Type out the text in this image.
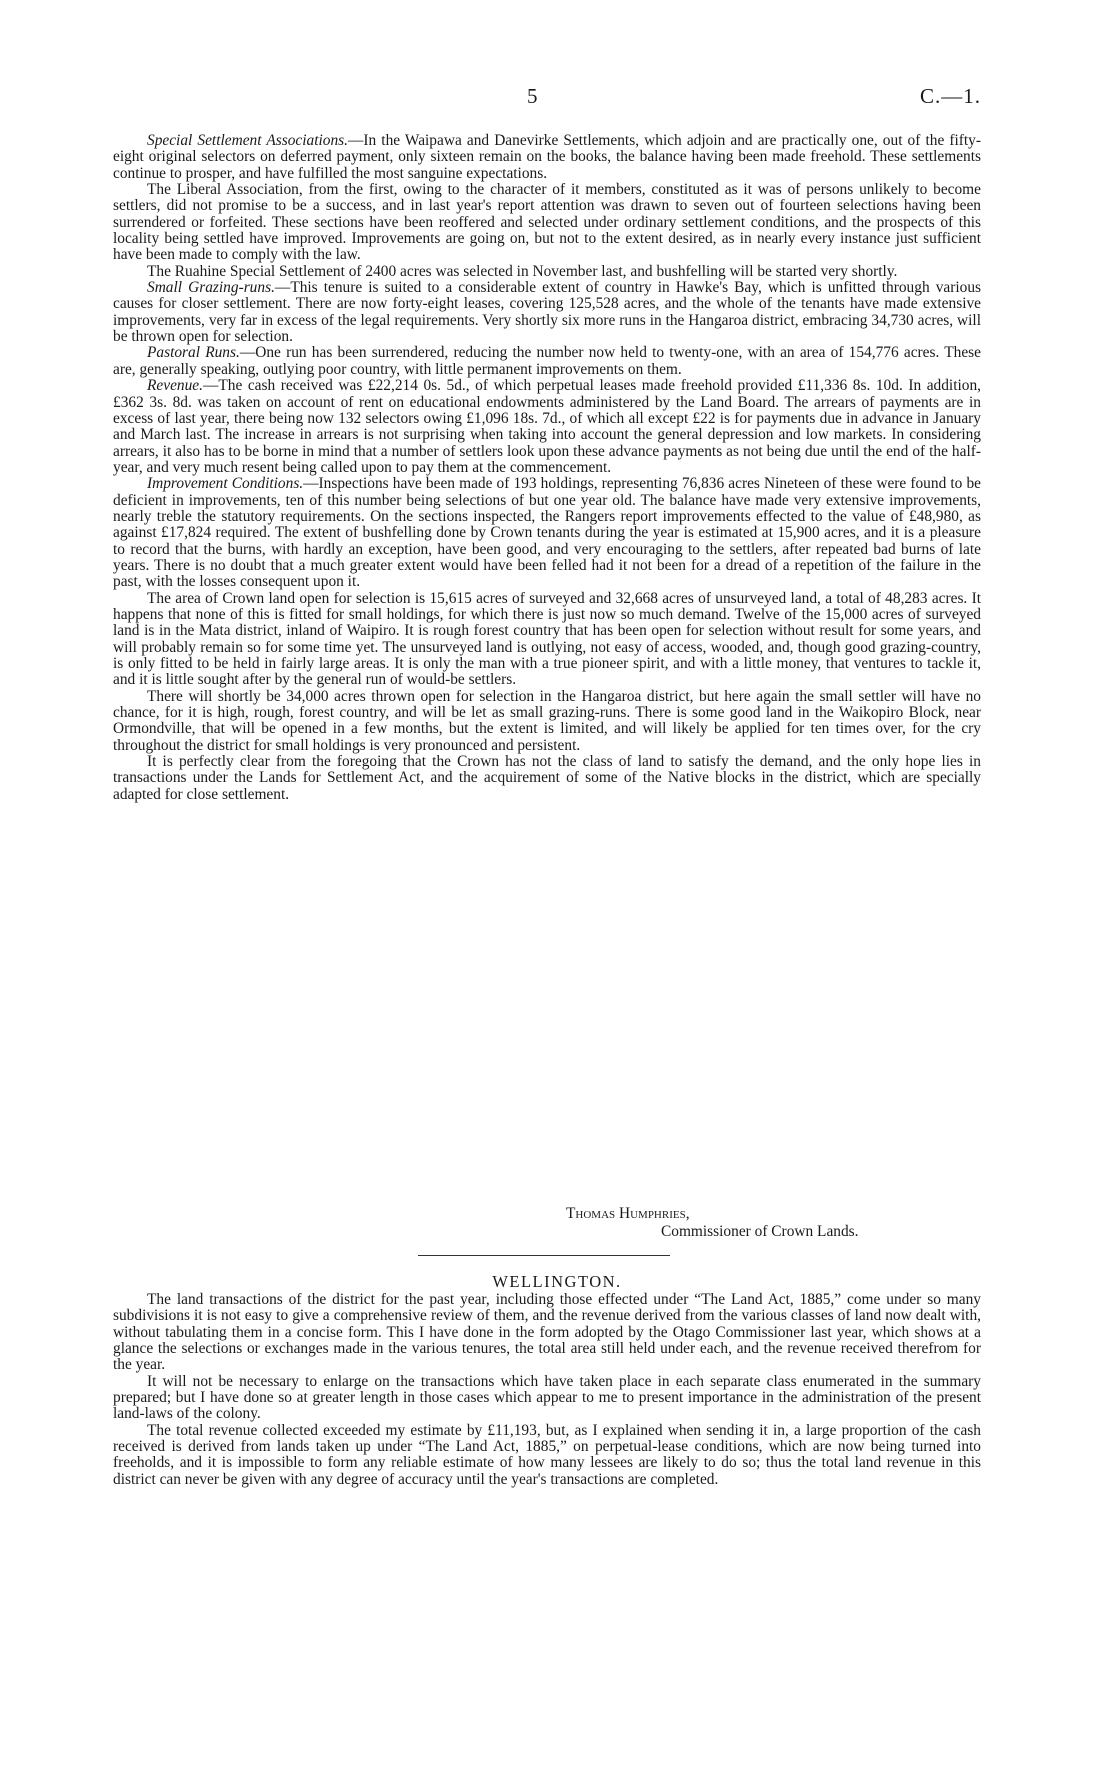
5	C.—1.

Special Settlement Associations.—In the Waipawa and Danevirke Settlements, which adjoin and are practically one, out of the fifty-eight original selectors on deferred payment, only sixteen remain on the books, the balance having been made freehold. These settlements continue to prosper, and have fulfilled the most sanguine expectations.

The Liberal Association, from the first, owing to the character of it members, constituted as it was of persons unlikely to become settlers, did not promise to be a success, and in last year's report attention was drawn to seven out of fourteen selections having been surrendered or forfeited. These sections have been reoffered and selected under ordinary settlement conditions, and the prospects of this locality being settled have improved. Improvements are going on, but not to the extent desired, as in nearly every instance just sufficient have been made to comply with the law.

The Ruahine Special Settlement of 2400 acres was selected in November last, and bushfelling will be started very shortly.

Small Grazing-runs.—This tenure is suited to a considerable extent of country in Hawke's Bay, which is unfitted through various causes for closer settlement. There are now forty-eight leases, covering 125,528 acres, and the whole of the tenants have made extensive improvements, very far in excess of the legal requirements. Very shortly six more runs in the Hangaroa district, embracing 34,730 acres, will be thrown open for selection.

Pastoral Runs.—One run has been surrendered, reducing the number now held to twenty-one, with an area of 154,776 acres. These are, generally speaking, outlying poor country, with little permanent improvements on them.

Revenue.—The cash received was £22,214 0s. 5d., of which perpetual leases made freehold provided £11,336 8s. 10d. In addition, £362 3s. 8d. was taken on account of rent on educational endowments administered by the Land Board. The arrears of payments are in excess of last year, there being now 132 selectors owing £1,096 18s. 7d., of which all except £22 is for payments due in advance in January and March last. The increase in arrears is not surprising when taking into account the general depression and low markets. In considering arrears, it also has to be borne in mind that a number of settlers look upon these advance payments as not being due until the end of the half-year, and very much resent being called upon to pay them at the commencement.

Improvement Conditions.—Inspections have been made of 193 holdings, representing 76,836 acres Nineteen of these were found to be deficient in improvements, ten of this number being selections of but one year old. The balance have made very extensive improvements, nearly treble the statutory requirements. On the sections inspected, the Rangers report improvements effected to the value of £48,980, as against £17,824 required. The extent of bushfelling done by Crown tenants during the year is estimated at 15,900 acres, and it is a pleasure to record that the burns, with hardly an exception, have been good, and very encouraging to the settlers, after repeated bad burns of late years. There is no doubt that a much greater extent would have been felled had it not been for a dread of a repetition of the failure in the past, with the losses consequent upon it.

The area of Crown land open for selection is 15,615 acres of surveyed and 32,668 acres of unsurveyed land, a total of 48,283 acres. It happens that none of this is fitted for small holdings, for which there is just now so much demand. Twelve of the 15,000 acres of surveyed land is in the Mata district, inland of Waipiro. It is rough forest country that has been open for selection without result for some years, and will probably remain so for some time yet. The unsurveyed land is outlying, not easy of access, wooded, and, though good grazing-country, is only fitted to be held in fairly large areas. It is only the man with a true pioneer spirit, and with a little money, that ventures to tackle it, and it is little sought after by the general run of would-be settlers.

There will shortly be 34,000 acres thrown open for selection in the Hangaroa district, but here again the small settler will have no chance, for it is high, rough, forest country, and will be let as small grazing-runs. There is some good land in the Waikopiro Block, near Ormondville, that will be opened in a few months, but the extent is limited, and will likely be applied for ten times over, for the cry throughout the district for small holdings is very pronounced and persistent.

It is perfectly clear from the foregoing that the Crown has not the class of land to satisfy the demand, and the only hope lies in transactions under the Lands for Settlement Act, and the acquirement of some of the Native blocks in the district, which are specially adapted for close settlement.

Thomas Humphries,
Commissioner of Crown Lands.
WELLINGTON.

The land transactions of the district for the past year, including those effected under “The Land Act, 1885,” come under so many subdivisions it is not easy to give a comprehensive review of them, and the revenue derived from the various classes of land now dealt with, without tabulating them in a concise form. This I have done in the form adopted by the Otago Commissioner last year, which shows at a glance the selections or exchanges made in the various tenures, the total area still held under each, and the revenue received therefrom for the year.

It will not be necessary to enlarge on the transactions which have taken place in each separate class enumerated in the summary prepared; but I have done so at greater length in those cases which appear to me to present importance in the administration of the present land-laws of the colony.

The total revenue collected exceeded my estimate by £11,193, but, as I explained when sending it in, a large proportion of the cash received is derived from lands taken up under “The Land Act, 1885,” on perpetual-lease conditions, which are now being turned into freeholds, and it is impossible to form any reliable estimate of how many lessees are likely to do so; thus the total land revenue in this district can never be given with any degree of accuracy until the year's transactions are completed.
